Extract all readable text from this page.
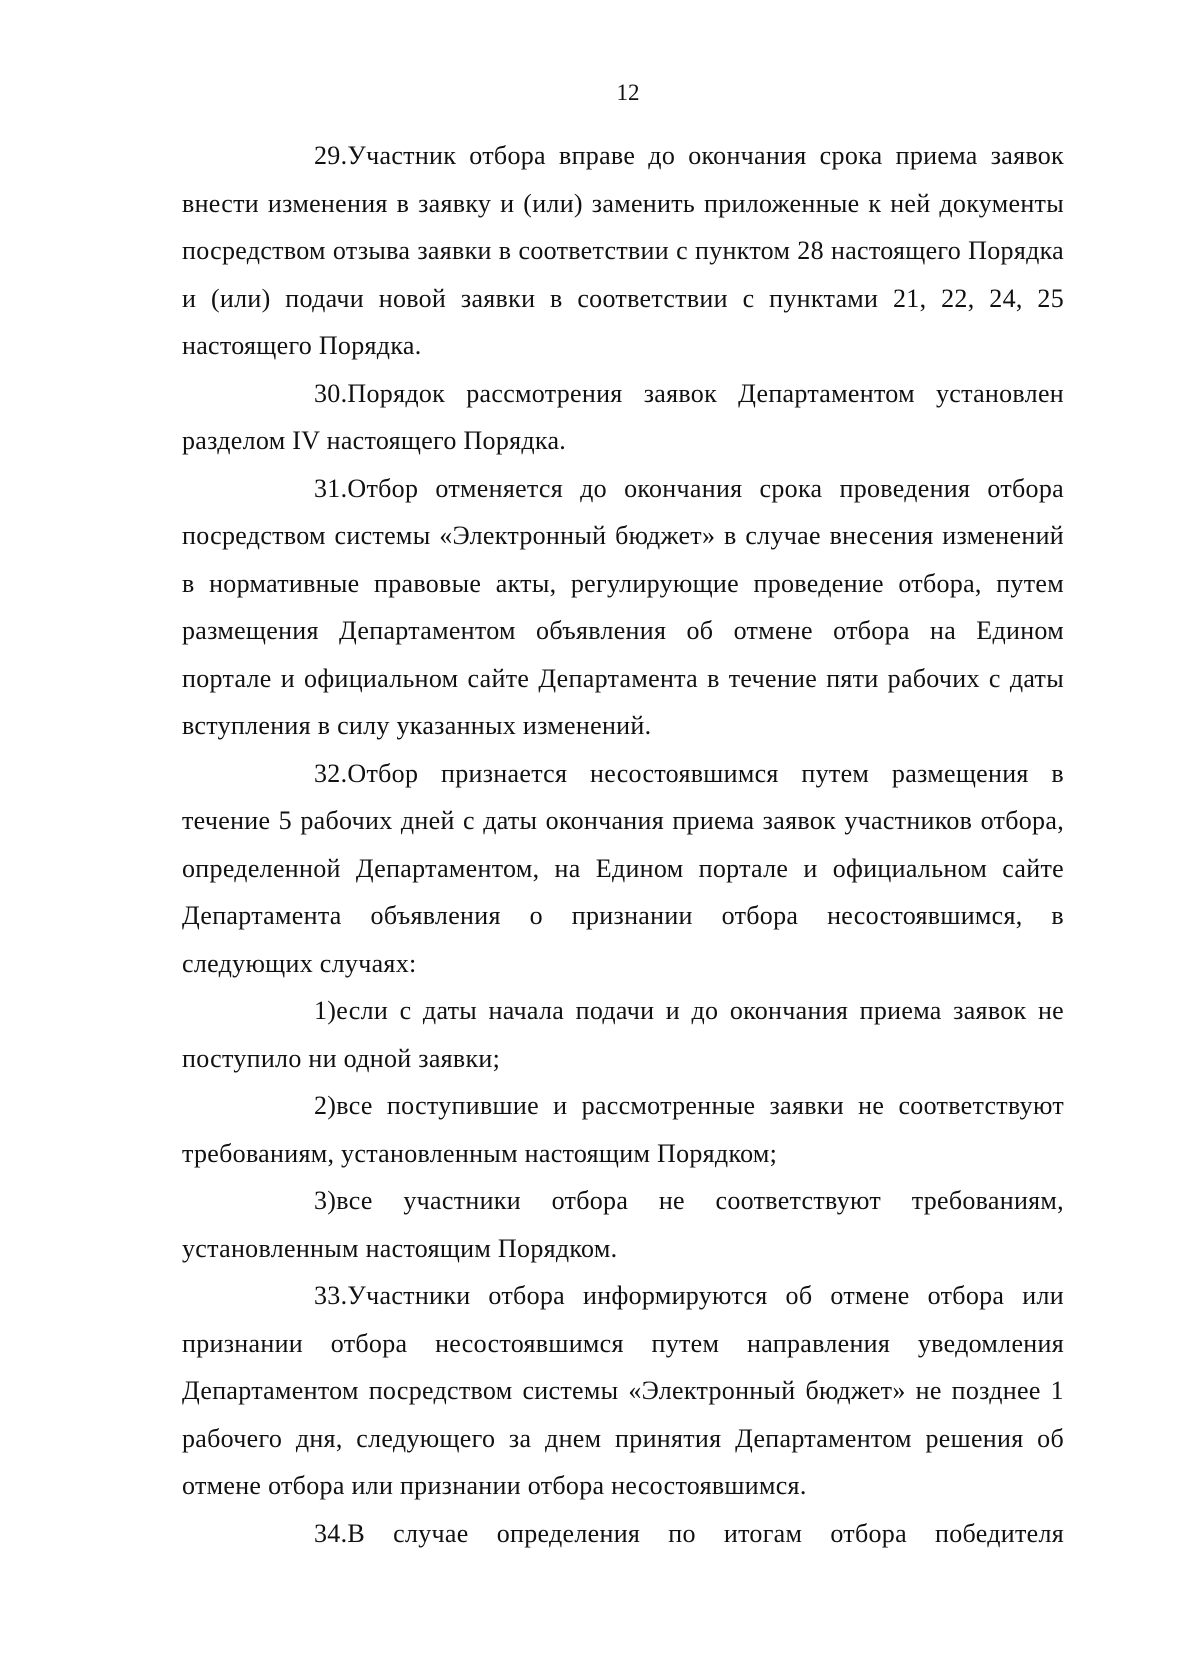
12

29.Участник отбора вправе до окончания срока приема заявок внести изменения в заявку и (или) заменить приложенные к ней документы посредством отзыва заявки в соответствии с пунктом 28 настоящего Порядка и (или) подачи новой заявки в соответствии с пунктами 21, 22, 24, 25 настоящего Порядка.

30.Порядок рассмотрения заявок Департаментом установлен разделом IV настоящего Порядка.

31.Отбор отменяется до окончания срока проведения отбора посредством системы «Электронный бюджет» в случае внесения изменений в нормативные правовые акты, регулирующие проведение отбора, путем размещения Департаментом объявления об отмене отбора на Едином портале и официальном сайте Департамента в течение пяти рабочих с даты вступления в силу указанных изменений.

32.Отбор признается несостоявшимся путем размещения в течение 5 рабочих дней с даты окончания приема заявок участников отбора, определенной Департаментом, на Едином портале и официальном сайте Департамента объявления о признании отбора несостоявшимся, в следующих случаях:

1)если с даты начала подачи и до окончания приема заявок не поступило ни одной заявки;

2)все поступившие и рассмотренные заявки не соответствуют требованиям, установленным настоящим Порядком;

3)все участники отбора не соответствуют требованиям, установленным настоящим Порядком.

33.Участники отбора информируются об отмене отбора или признании отбора несостоявшимся путем направления уведомления Департаментом посредством системы «Электронный бюджет» не позднее 1 рабочего дня, следующего за днем принятия Департаментом решения об отмене отбора или признании отбора несостоявшимся.

34.В случае определения по итогам отбора победителя
